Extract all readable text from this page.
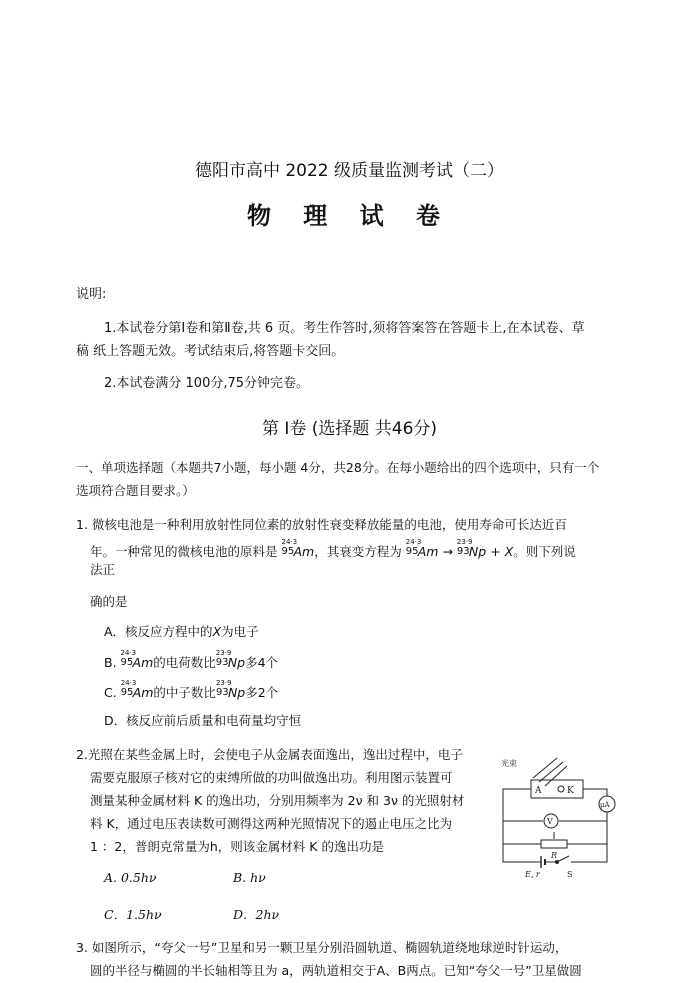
德阳市高中 2022 级质量监测考试（二）
物 理 试 卷
说明:
1.本试卷分第Ⅰ卷和第Ⅱ卷,共 6 页。考生作答时,须将答案答在答题卡上,在本试卷、草
稿 纸上答题无效。考试结束后,将答题卡交回。
2.本试卷满分 100分,75分钟完卷。
第 Ⅰ卷 (选择题 共46分)
一、单项选择题（本题共7小题，每小题 4分，共28分。在每小题给出的四个选项中，只有一个
选项符合题目要求。）
1. 微核电池是一种利用放射性同位素的放射性衰变释放能量的电池，使用寿命可长达近百
年。一种常见的微核电池的原料是
24·3
95 Am，其衰变方程为
24·3
95 Am →
23·9
93 Np + X。则下列说
法正
确的是
A．核反应方程中的X为电子
B.
24·3
95 Am的电荷数比
23·9
93 Np多4个
C.
24·3
95 Am的中子数比
23·9
93 Np多2个
D．核反应前后质量和电荷量均守恒
2.光照在某些金属上时，会使电子从金属表面逸出，逸出过程中，电子
需要克服原子核对它的束缚所做的功叫做逸出功。利用图示装置可
测量某种金属材料 K 的逸出功，分别用频率为 2ν 和 3ν 的光照射材
料 K，通过电压表读数可测得这两种光照情况下的遏止电压之比为
1 ：2，普朗克常量为h，则该金属材料 K 的逸出功是
A. 0.5hν	B. hν
C．1.5hν	D．2hν
光束
A	K
μA
V
R
E, r	S
3. 如图所示，“夸父一号”卫星和另一颗卫星分别沿圆轨道、椭圆轨道绕地球逆时针运动，
圆的半径与椭圆的半长轴相等且为 a，两轨道相交于A、B两点。已知“夸父一号”卫星做圆
